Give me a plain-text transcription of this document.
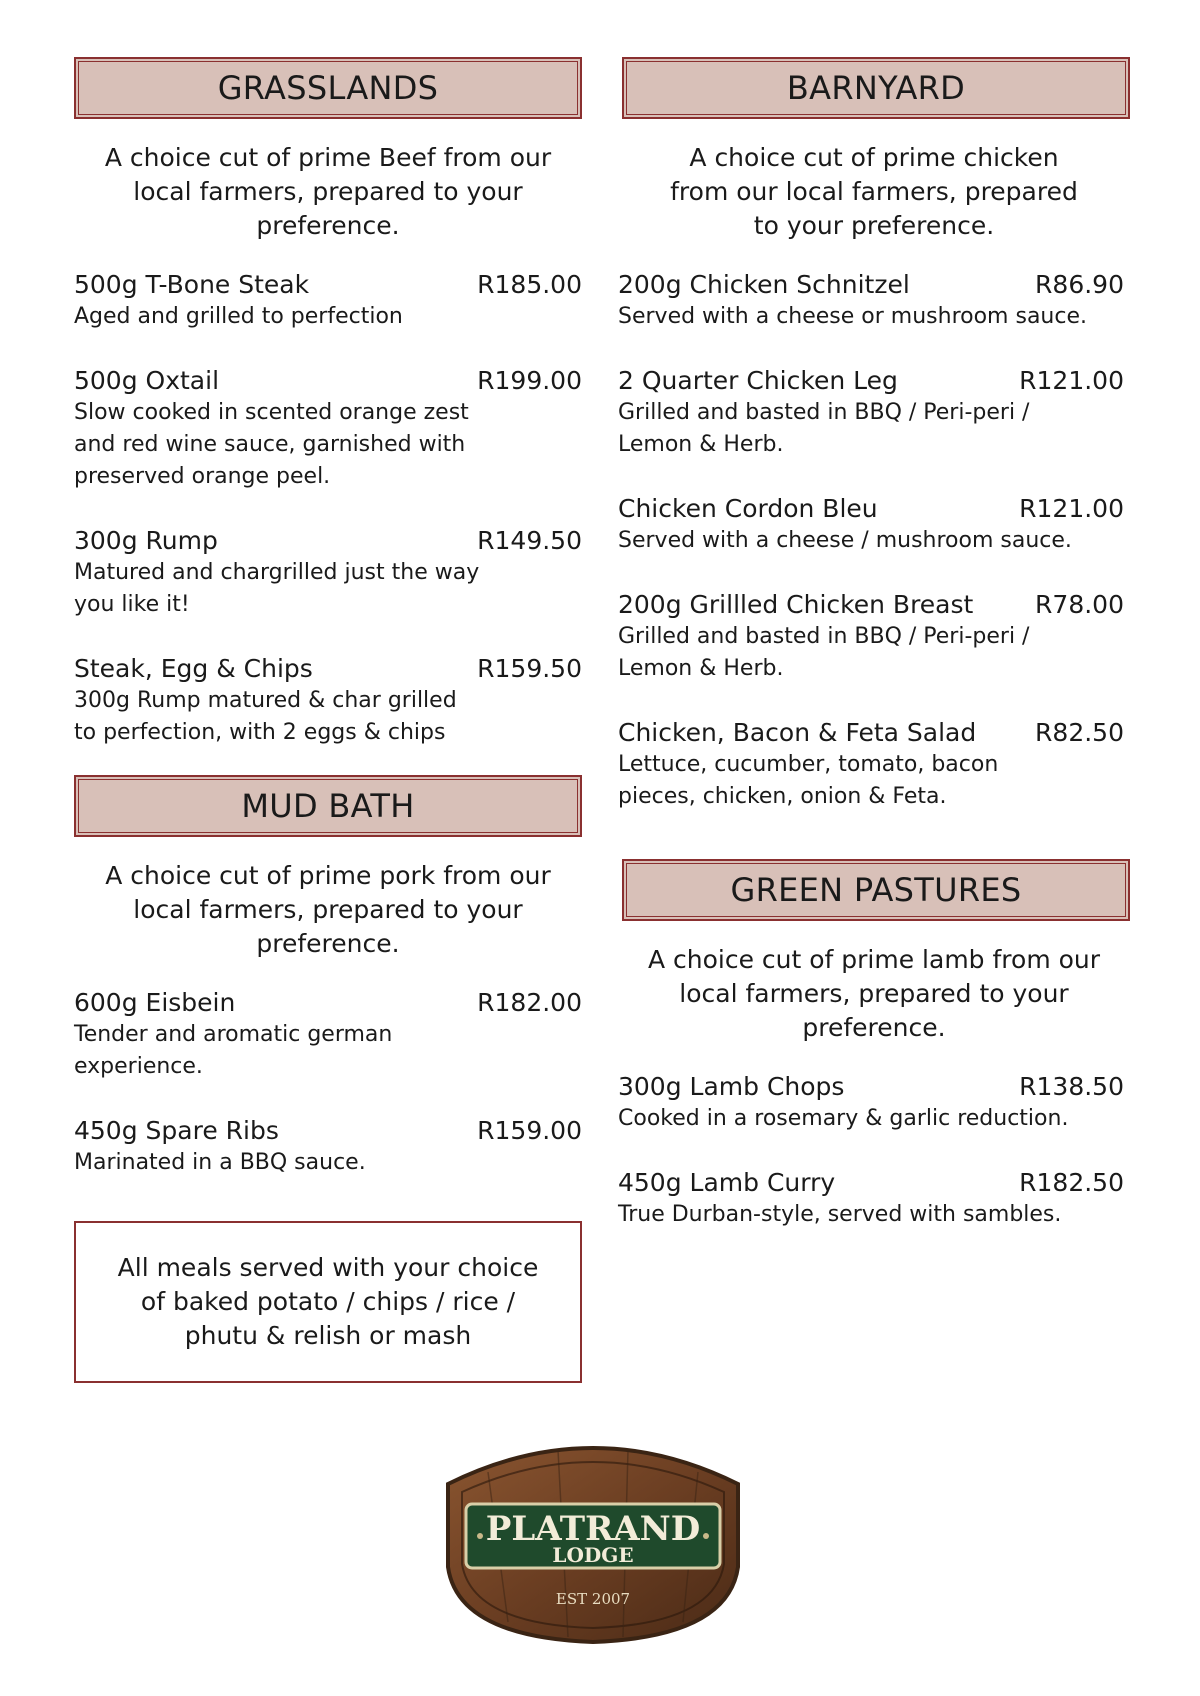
GRASSLANDS
A choice cut of prime Beef from our local farmers, prepared to your preference.
500g T-Bone Steak	R185.00
Aged and grilled to perfection
500g Oxtail	R199.00
Slow cooked in scented orange zest and red wine sauce, garnished with preserved orange peel.
300g Rump	R149.50
Matured and chargrilled just the way you like it!
Steak, Egg & Chips	R159.50
300g Rump matured & char grilled to perfection, with 2 eggs & chips
MUD BATH
A choice cut of prime pork from our local farmers, prepared to your preference.
600g Eisbein	R182.00
Tender and aromatic german experience.
450g Spare Ribs	R159.00
Marinated in a BBQ sauce.
All meals served with your choice of baked potato / chips / rice / phutu & relish or mash
BARNYARD
A choice cut of prime chicken from our local farmers, prepared to your preference.
200g Chicken Schnitzel	R86.90
Served with a cheese or mushroom sauce.
2 Quarter Chicken Leg	R121.00
Grilled and basted in BBQ / Peri-peri / Lemon & Herb.
Chicken Cordon Bleu	R121.00
Served with a cheese / mushroom sauce.
200g Grillled Chicken Breast R78.00
Grilled and basted in BBQ / Peri-peri / Lemon & Herb.
Chicken, Bacon & Feta Salad R82.50
Lettuce, cucumber, tomato, bacon pieces, chicken, onion & Feta.
GREEN PASTURES
A choice cut of prime lamb from our local farmers, prepared to your preference.
300g Lamb Chops	R138.50
Cooked in a rosemary & garlic reduction.
450g Lamb Curry	R182.50
True Durban-style, served with sambles.
PLATRAND
LODGE
EST 2007
